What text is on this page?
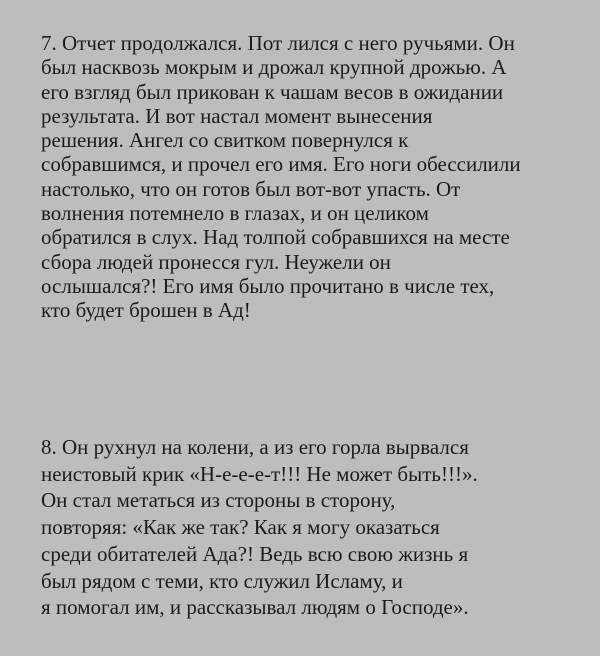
7. Отчет продолжался. Пот лился с него ручьями. Он
был насквозь мокрым и дрожал крупной дрожью. А
его взгляд был прикован к чашам весов в ожидании
результата. И вот настал момент вынесения
решения. Ангел со свитком повернулся к
собравшимся, и прочел его имя. Его ноги обессилили
настолько, что он готов был вот-вот упасть. От
волнения потемнело в глазах, и он целиком
обратился в слух. Над толпой собравшихся на месте
сбора людей пронесся гул. Неужели он
ослышался?! Его имя было прочитано в числе тех,
кто будет брошен в Ад!

8. Он рухнул на колени, а из его горла вырвался
неистовый крик «Н-е-е-е-т!!! Не может быть!!!».
Он стал метаться из стороны в сторону,
повторяя: «Как же так? Как я могу оказаться
среди обитателей Ада?! Ведь всю свою жизнь я
был рядом с теми, кто служил Исламу, и
я помогал им, и рассказывал людям о Господе».
